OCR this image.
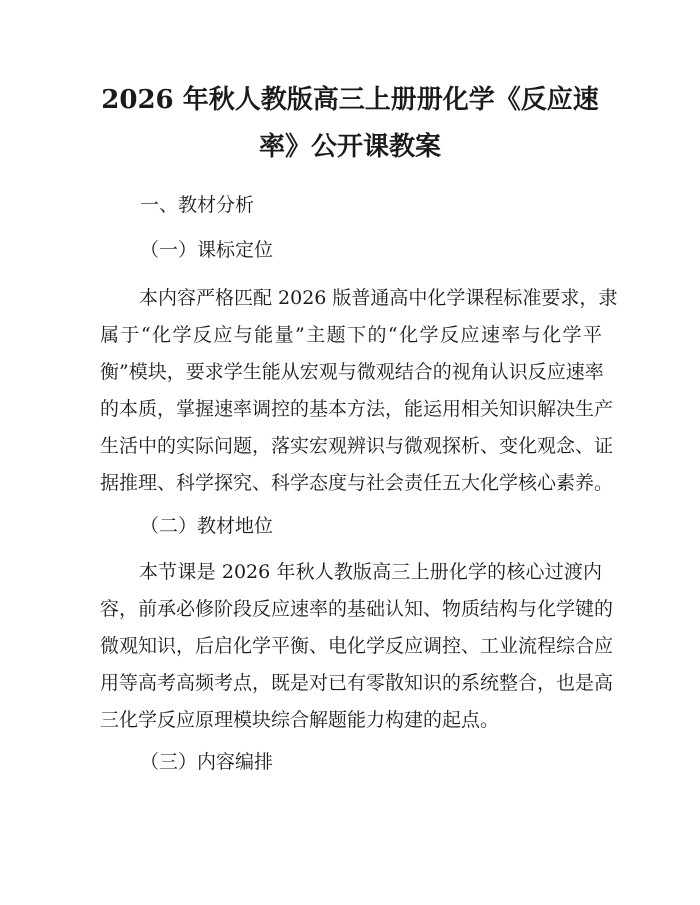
2026 年秋人教版高三上册册化学《反应速
率》公开课教案
一、教材分析
（一）课标定位
本内容严格匹配 2026 版普通高中化学课程标准要求，隶
属于“化学反应与能量”主题下的“化学反应速率与化学平
衡”模块，要求学生能从宏观与微观结合的视角认识反应速率
的本质，掌握速率调控的基本方法，能运用相关知识解决生产
生活中的实际问题，落实宏观辨识与微观探析、变化观念、证
据推理、科学探究、科学态度与社会责任五大化学核心素养。
（二）教材地位
本节课是 2026 年秋人教版高三上册化学的核心过渡内
容，前承必修阶段反应速率的基础认知、物质结构与化学键的
微观知识，后启化学平衡、电化学反应调控、工业流程综合应
用等高考高频考点，既是对已有零散知识的系统整合，也是高
三化学反应原理模块综合解题能力构建的起点。
（三）内容编排
